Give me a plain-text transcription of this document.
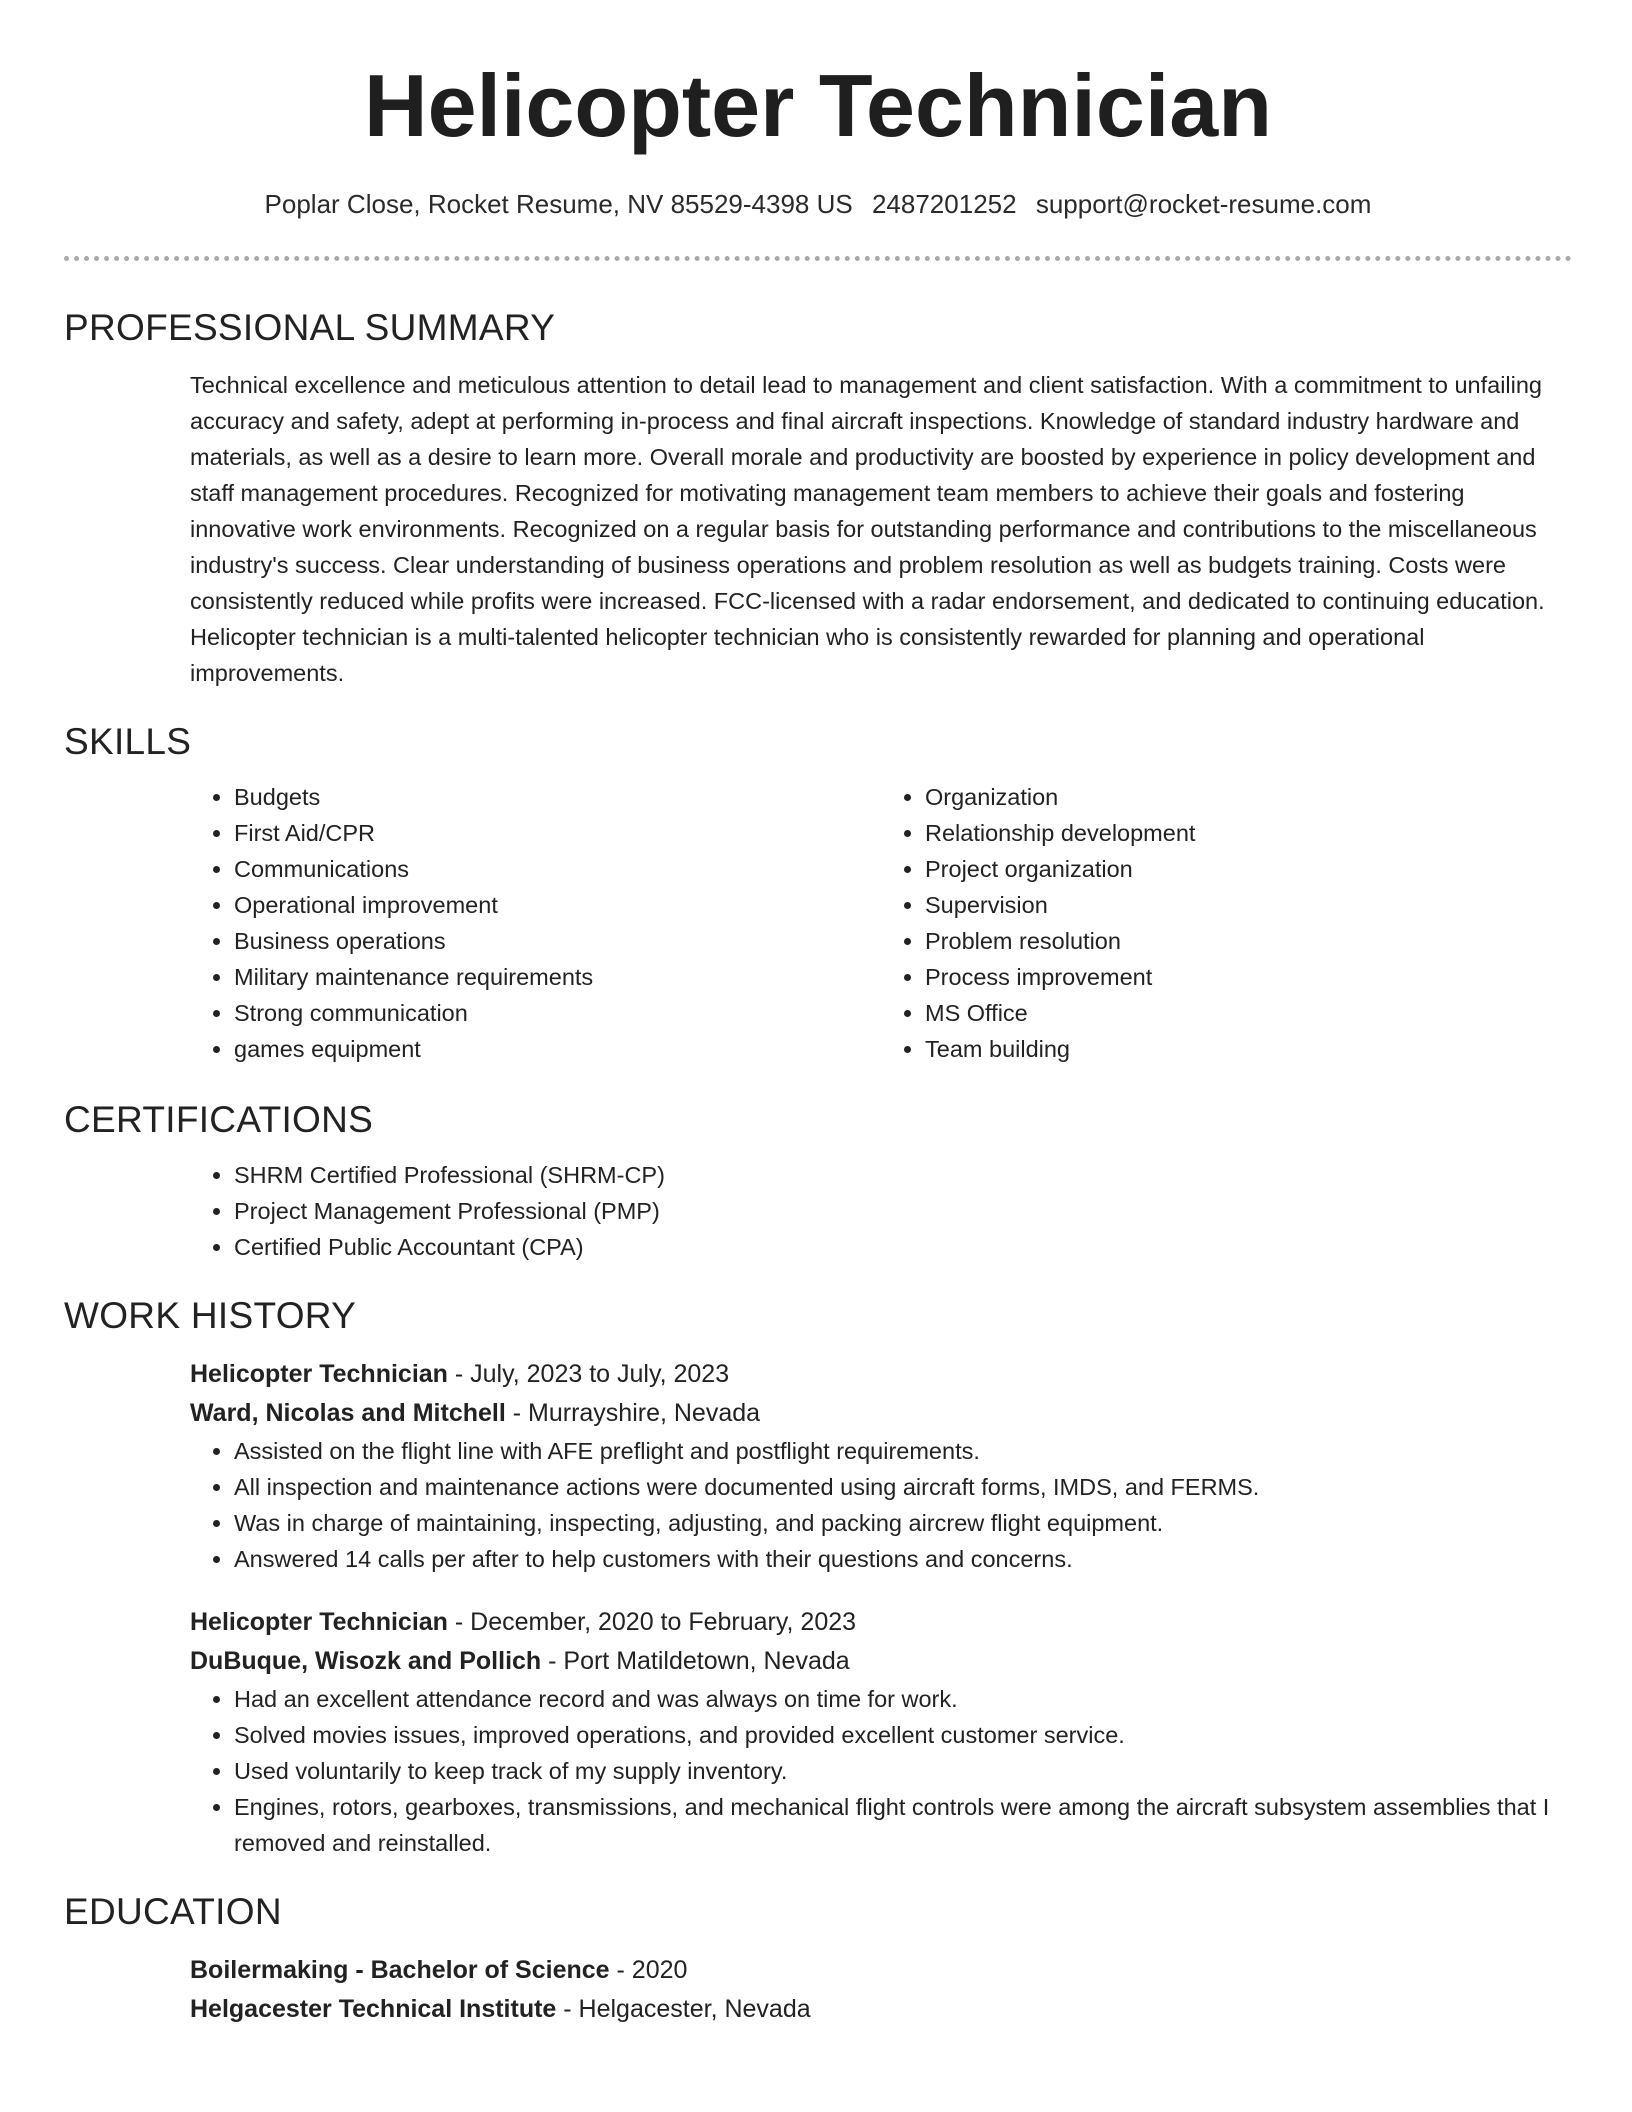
Helicopter Technician
Poplar Close, Rocket Resume, NV 85529-4398 US 2487201252 support@rocket-resume.com
PROFESSIONAL SUMMARY
Technical excellence and meticulous attention to detail lead to management and client satisfaction. With a commitment to unfailing accuracy and safety, adept at performing in-process and final aircraft inspections. Knowledge of standard industry hardware and materials, as well as a desire to learn more. Overall morale and productivity are boosted by experience in policy development and staff management procedures. Recognized for motivating management team members to achieve their goals and fostering innovative work environments. Recognized on a regular basis for outstanding performance and contributions to the miscellaneous industry's success. Clear understanding of business operations and problem resolution as well as budgets training. Costs were consistently reduced while profits were increased. FCC-licensed with a radar endorsement, and dedicated to continuing education. Helicopter technician is a multi-talented helicopter technician who is consistently rewarded for planning and operational improvements.
SKILLS
• Budgets
• First Aid/CPR
• Communications
• Operational improvement
• Business operations
• Military maintenance requirements
• Strong communication
• games equipment
• Organization
• Relationship development
• Project organization
• Supervision
• Problem resolution
• Process improvement
• MS Office
• Team building
CERTIFICATIONS
• SHRM Certified Professional (SHRM-CP)
• Project Management Professional (PMP)
• Certified Public Accountant (CPA)
WORK HISTORY
Helicopter Technician - July, 2023 to July, 2023
Ward, Nicolas and Mitchell - Murrayshire, Nevada
• Assisted on the flight line with AFE preflight and postflight requirements.
• All inspection and maintenance actions were documented using aircraft forms, IMDS, and FERMS.
• Was in charge of maintaining, inspecting, adjusting, and packing aircrew flight equipment.
• Answered 14 calls per after to help customers with their questions and concerns.
Helicopter Technician - December, 2020 to February, 2023
DuBuque, Wisozk and Pollich - Port Matildetown, Nevada
• Had an excellent attendance record and was always on time for work.
• Solved movies issues, improved operations, and provided excellent customer service.
• Used voluntarily to keep track of my supply inventory.
• Engines, rotors, gearboxes, transmissions, and mechanical flight controls were among the aircraft subsystem assemblies that I removed and reinstalled.
EDUCATION
Boilermaking - Bachelor of Science - 2020
Helgacester Technical Institute - Helgacester, Nevada
